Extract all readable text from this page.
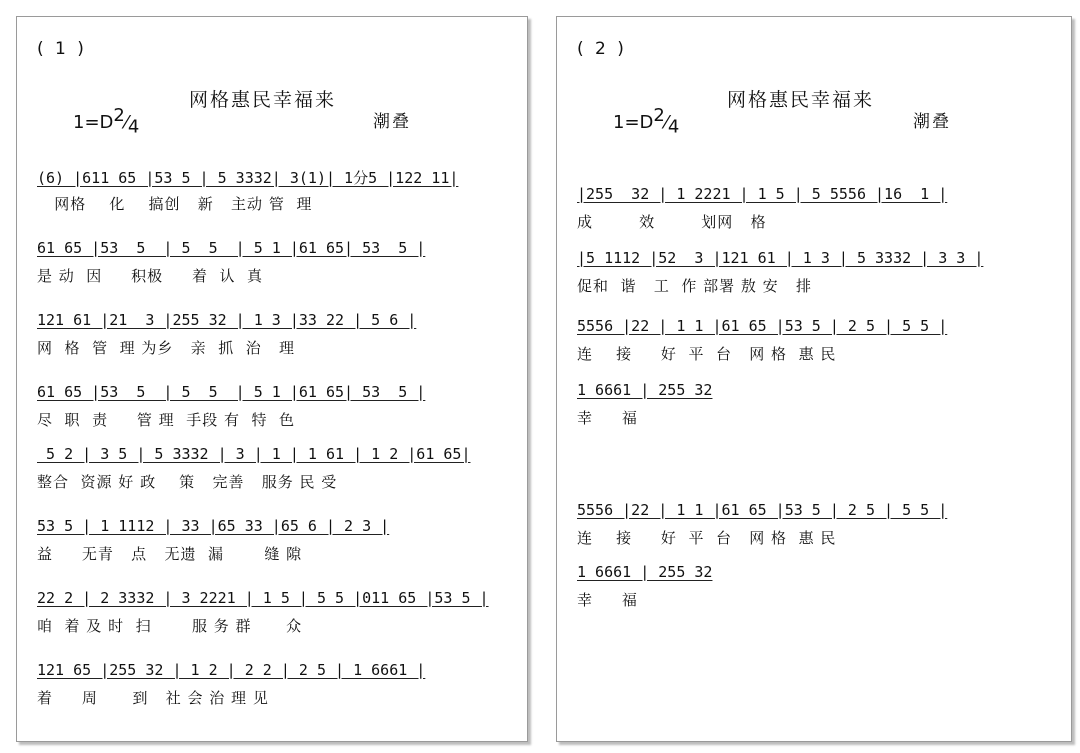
( 1 )
网格惠民幸福来
$1=D^2⁄_4$	潮叠
(6) |611 65 |53 5 | 5 3332| 3(1)| 1分5 |122 11|
网格    化    搞创   新   主动 管  理
61 65 |53  5  | 5  5  | 5 1 |61 65| 53  5 |
是 动  因     积极     着  认  真
121 61 |21  3 |255 32 | 1 3 |33 22 | 5 6 |
网  格  管  理 为乡   亲  抓  治   理
61 65 |53  5  | 5  5  | 5 1 |61 65| 53  5 |
尽  职  责     管 理  手段 有  特  色
5 2 | 3 5 | 5 3332 | 3 | 1 | 1 61 | 1 2 |61 65|
整合  资源 好 政    策   完善   服务 民 受
53 5 | 1 1112 | 33 |65 33 |65 6 | 2 3 |
益     无青   点   无遗  漏       缝 隙
22 2 | 2 3332 | 3 2221 | 1 5 | 5 5 |011 65 |53 5 |
咱  着 及 时  扫       服 务 群      众
121 65 |255 32 | 1 2 | 2 2 | 2 5 | 1 6661 |
着     周      到   社 会 治 理 见
( 2 )
网格惠民幸福来
$1=D^2⁄_4$	潮叠
|255  32 | 1 2221 | 1 5 | 5 5556 |16  1 |
成        效        划网   格
|5 1112 |52  3 |121 61 | 1 3 | 5 3332 | 3 3 |
促和  谐   工  作 部署 敖 安   排
5556 |22 | 1 1 |61 65 |53 5 | 2 5 | 5 5 |
连    接     好  平  台   网 格  惠 民
1 6661 | 255 32
幸     福
5556 |22 | 1 1 |61 65 |53 5 | 2 5 | 5 5 |
连    接     好  平  台   网 格  惠 民
1 6661 | 255 32
幸     福
